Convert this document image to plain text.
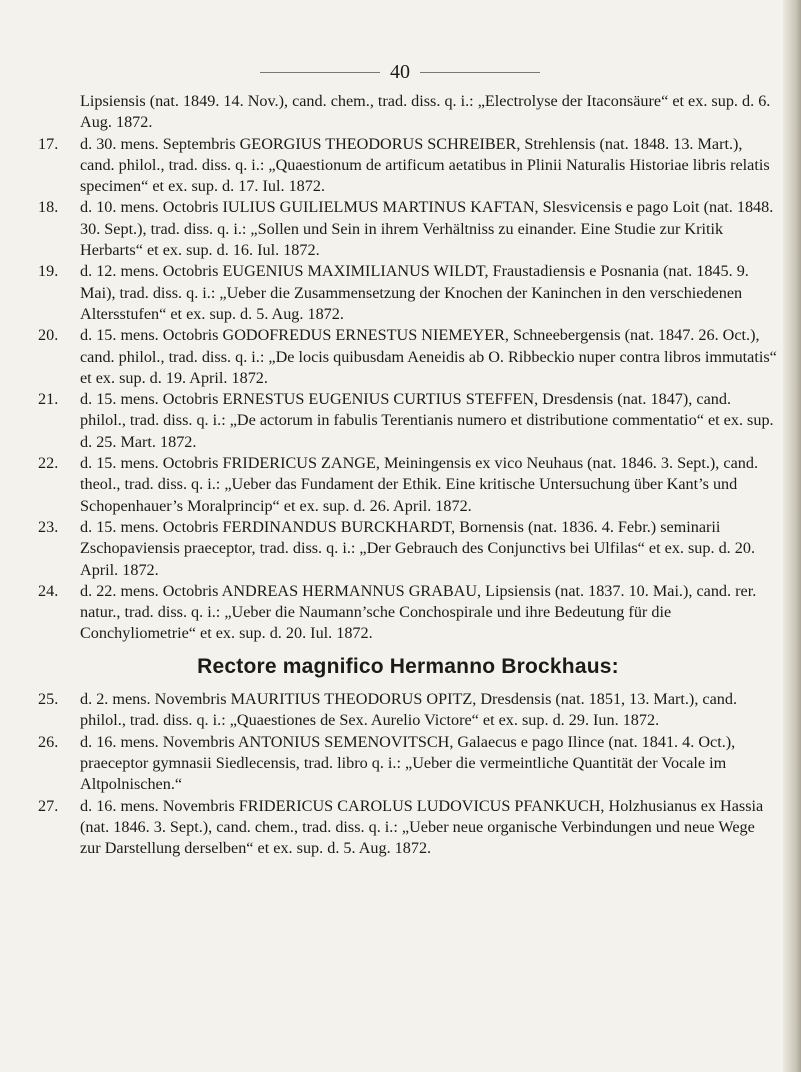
40
Lipsiensis (nat. 1849. 14. Nov.), cand. chem., trad. diss. q. i.: „Electrolyse der Itaconsäure“ et ex. sup. d. 6. Aug. 1872.
17.	d. 30. mens. Septembris GEORGIUS THEODORUS SCHREIBER, Strehlensis (nat. 1848. 13. Mart.), cand. philol., trad. diss. q. i.: „Quaestionum de artificum aetatibus in Plinii Naturalis Historiae libris relatis specimen“ et ex. sup. d. 17. Iul. 1872.
18.	d. 10. mens. Octobris IULIUS GUILIELMUS MARTINUS KAFTAN, Slesvicensis e pago Loit (nat. 1848. 30. Sept.), trad. diss. q. i.: „Sollen und Sein in ihrem Verhältniss zu einander. Eine Studie zur Kritik Herbarts“ et ex. sup. d. 16. Iul. 1872.
19.	d. 12. mens. Octobris EUGENIUS MAXIMILIANUS WILDT, Fraustadiensis e Posnania (nat. 1845. 9. Mai), trad. diss. q. i.: „Ueber die Zusammensetzung der Knochen der Kaninchen in den verschiedenen Altersstufen“ et ex. sup. d. 5. Aug. 1872.
20.	d. 15. mens. Octobris GODOFREDUS ERNESTUS NIEMEYER, Schneebergensis (nat. 1847. 26. Oct.), cand. philol., trad. diss. q. i.: „De locis quibusdam Aeneidis ab O. Ribbeckio nuper contra libros immutatis“ et ex. sup. d. 19. April. 1872.
21.	d. 15. mens. Octobris ERNESTUS EUGENIUS CURTIUS STEFFEN, Dresdensis (nat. 1847), cand. philol., trad. diss. q. i.: „De actorum in fabulis Terentianis numero et distributione commentatio“ et ex. sup. d. 25. Mart. 1872.
22.	d. 15. mens. Octobris FRIDERICUS ZANGE, Meiningensis ex vico Neuhaus (nat. 1846. 3. Sept.), cand. theol., trad. diss. q. i.: „Ueber das Fundament der Ethik. Eine kritische Untersuchung über Kant’s und Schopenhauer’s Moralprincip“ et ex. sup. d. 26. April. 1872.
23.	d. 15. mens. Octobris FERDINANDUS BURCKHARDT, Bornensis (nat. 1836. 4. Febr.) seminarii Zschopaviensis praeceptor, trad. diss. q. i.: „Der Gebrauch des Conjunctivs bei Ulfilas“ et ex. sup. d. 20. April. 1872.
24.	d. 22. mens. Octobris ANDREAS HERMANNUS GRABAU, Lipsiensis (nat. 1837. 10. Mai.), cand. rer. natur., trad. diss. q. i.: „Ueber die Naumann’sche Conchospirale und ihre Bedeutung für die Conchyliometrie“ et ex. sup. d. 20. Iul. 1872.
Rectore magnifico Hermanno Brockhaus:
25.	d. 2. mens. Novembris MAURITIUS THEODORUS OPITZ, Dresdensis (nat. 1851, 13. Mart.), cand. philol., trad. diss. q. i.: „Quaestiones de Sex. Aurelio Victore“ et ex. sup. d. 29. Iun. 1872.
26.	d. 16. mens. Novembris ANTONIUS SEMENOVITSCH, Galaecus e pago Ilince (nat. 1841. 4. Oct.), praeceptor gymnasii Siedlecensis, trad. libro q. i.: „Ueber die vermeintliche Quantität der Vocale im Altpolnischen.“
27.	d. 16. mens. Novembris FRIDERICUS CAROLUS LUDOVICUS PFANKUCH, Holzhusianus ex Hassia (nat. 1846. 3. Sept.), cand. chem., trad. diss. q. i.: „Ueber neue organische Verbindungen und neue Wege zur Darstellung derselben“ et ex. sup. d. 5. Aug. 1872.
